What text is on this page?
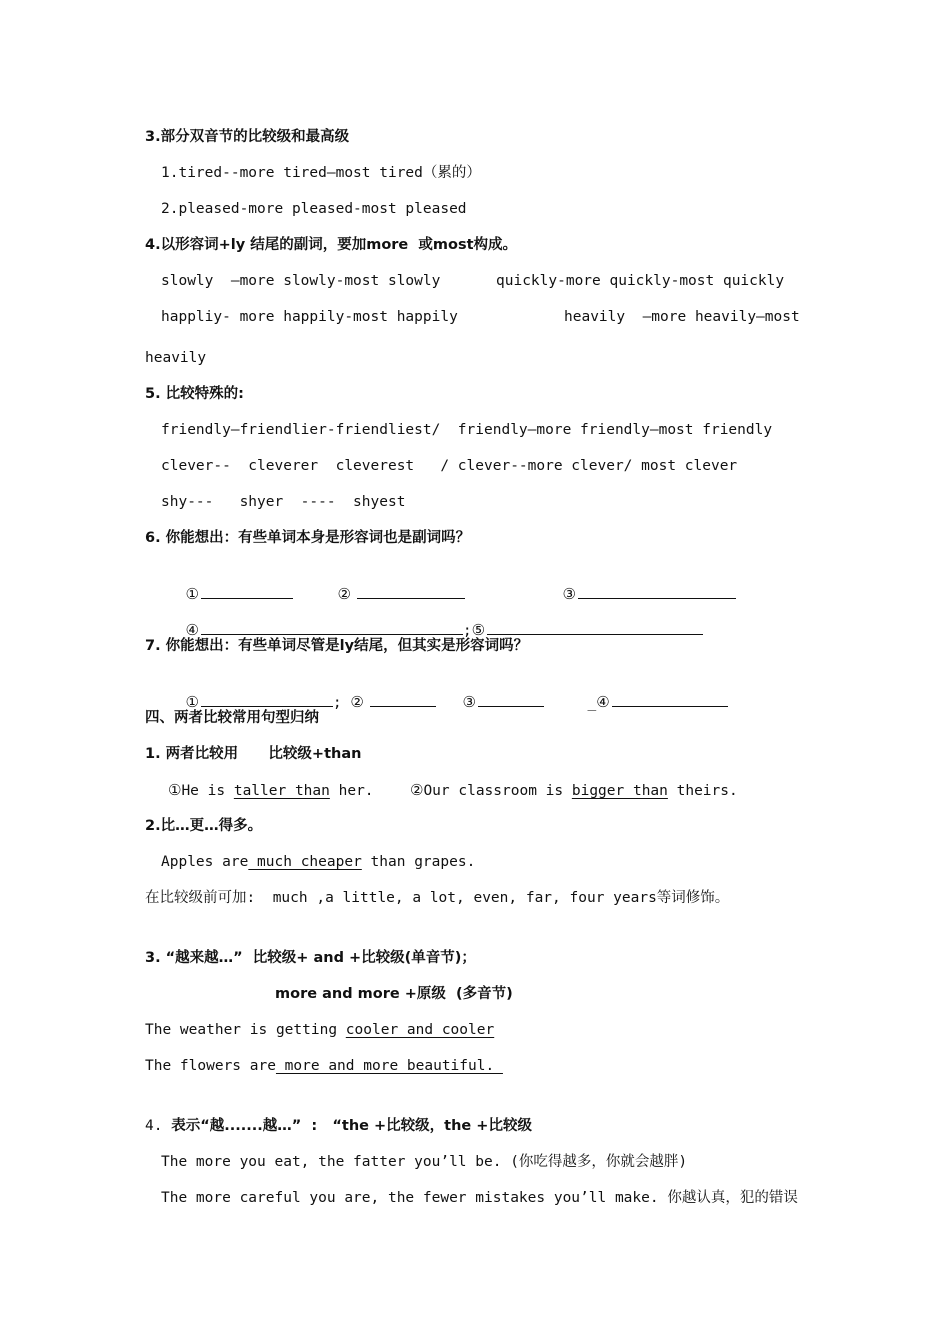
3.部分双音节的比较级和最高级
1.tired--more tired—most tired（累的）
2.pleased-more pleased-most pleased
4.以形容词+ly 结尾的副词，要加more  或most构成。
slowly  –more slowly-most slowly	quickly-more quickly-most quickly
happliy- more happily-most happily	heavily  –more heavily—most
heavily
5. 比较特殊的:
friendly—friendlier-friendliest/  friendly—more friendly—most friendly
clever--  cleverer  cleverest   / clever--more clever/ most clever
shy---   shyer  ----  shyest
6. 你能想出：有些单词本身是形容词也是副词吗？

①	②	③

④	;⑤

7. 你能想出：有些单词尽管是ly结尾，但其实是形容词吗？

①	; ②	③	_④

四、两者比较常用句型归纳
1. 两者比较用      比较级+than
①He is taller than her. ②Our classroom is bigger than theirs.
2.比…更…得多。
Apples are much cheaper than grapes.
在比较级前可加:  much ,a little, a lot, even, far, four years等词修饰。
3. “越来越…”  比较级+ and +比较级(单音节)；
more and more +原级  (多音节)
The weather is getting cooler and cooler
The flowers are more and more beautiful.
4. 表示“越.......越…”  :   “the +比较级，the +比较级
The more you eat, the fatter you’ll be. (你吃得越多，你就会越胖)
The more careful you are, the fewer mistakes you’ll make. 你越认真，犯的错误
